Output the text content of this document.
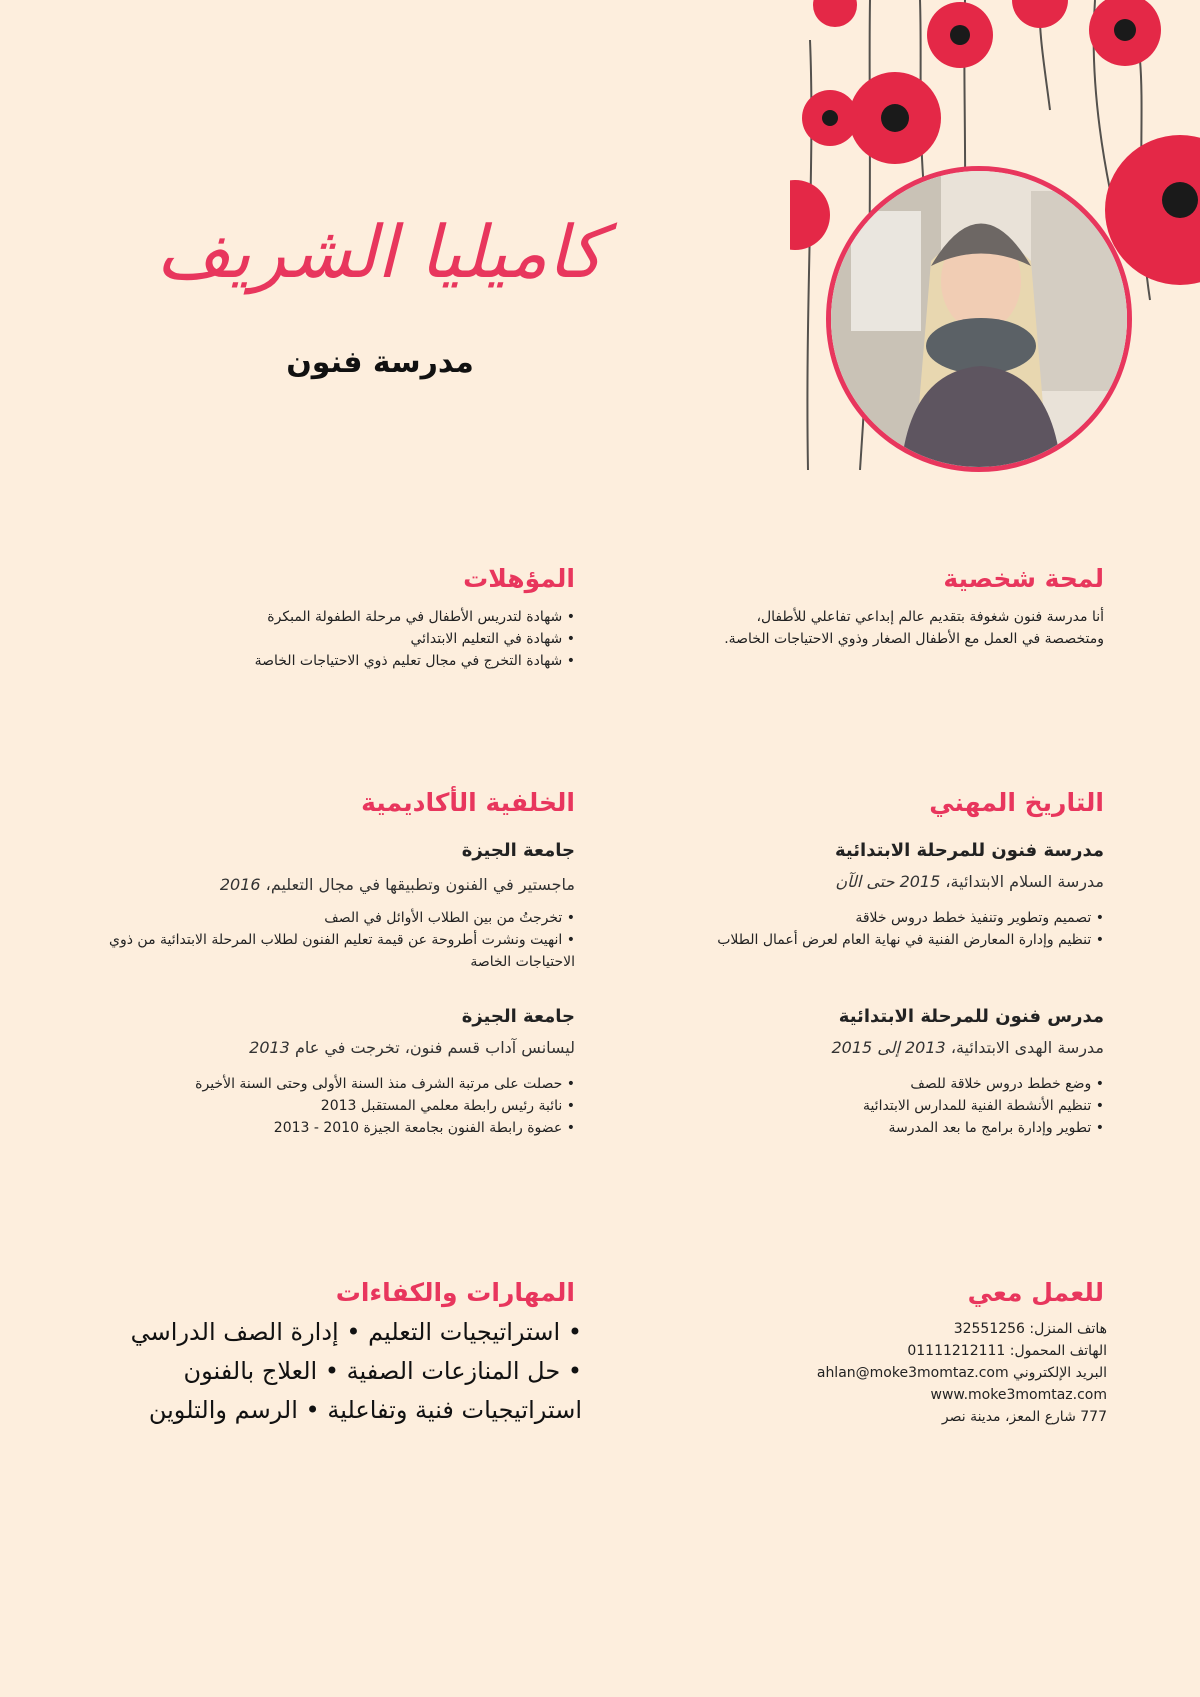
كاميليا الشريف
مدرسة فنون
لمحة شخصية
أنا مدرسة فنون شغوفة بتقديم عالم إبداعي تفاعلي للأطفال،
ومتخصصة في العمل مع الأطفال الصغار وذوي الاحتياجات الخاصة.
المؤهلات
• شهادة لتدريس الأطفال في مرحلة الطفولة المبكرة
• شهادة في التعليم الابتدائي
• شهادة التخرج في مجال تعليم ذوي الاحتياجات الخاصة
التاريخ المهني
مدرسة فنون للمرحلة الابتدائية
مدرسة السلام الابتدائية، 2015 حتى الآن
• تصميم وتطوير وتنفيذ خطط دروس خلاقة
• تنظيم وإدارة المعارض الفنية في نهاية العام لعرض أعمال الطلاب
مدرس فنون للمرحلة الابتدائية
مدرسة الهدى الابتدائية، 2013 إلى 2015
• وضع خطط دروس خلاقة للصف
• تنظيم الأنشطة الفنية للمدارس الابتدائية
• تطوير وإدارة برامج ما بعد المدرسة
الخلفية الأكاديمية
جامعة الجيزة
ماجستير في الفنون وتطبيقها في مجال التعليم، 2016
• تخرجتُ من بين الطلاب الأوائل في الصف
• انهيت ونشرت أطروحة عن قيمة تعليم الفنون لطلاب المرحلة الابتدائية من ذوي الاحتياجات الخاصة
جامعة الجيزة
ليسانس آداب قسم فنون، تخرجت في عام 2013
• حصلت على مرتبة الشرف منذ السنة الأولى وحتى السنة الأخيرة
• نائبة رئيس رابطة معلمي المستقبل 2013
• عضوة رابطة الفنون بجامعة الجيزة 2010 - 2013
للعمل معي
هاتف المنزل: 32551256
الهاتف المحمول: 01111212111
البريد الإلكتروني ahlan@moke3momtaz.com
www.moke3momtaz.com
777 شارع المعز، مدينة نصر
المهارات والكفاءات
• استراتيجيات التعليم • إدارة الصف الدراسي
• حل المنازعات الصفية • العلاج بالفنون
استراتيجيات فنية وتفاعلية • الرسم والتلوين
